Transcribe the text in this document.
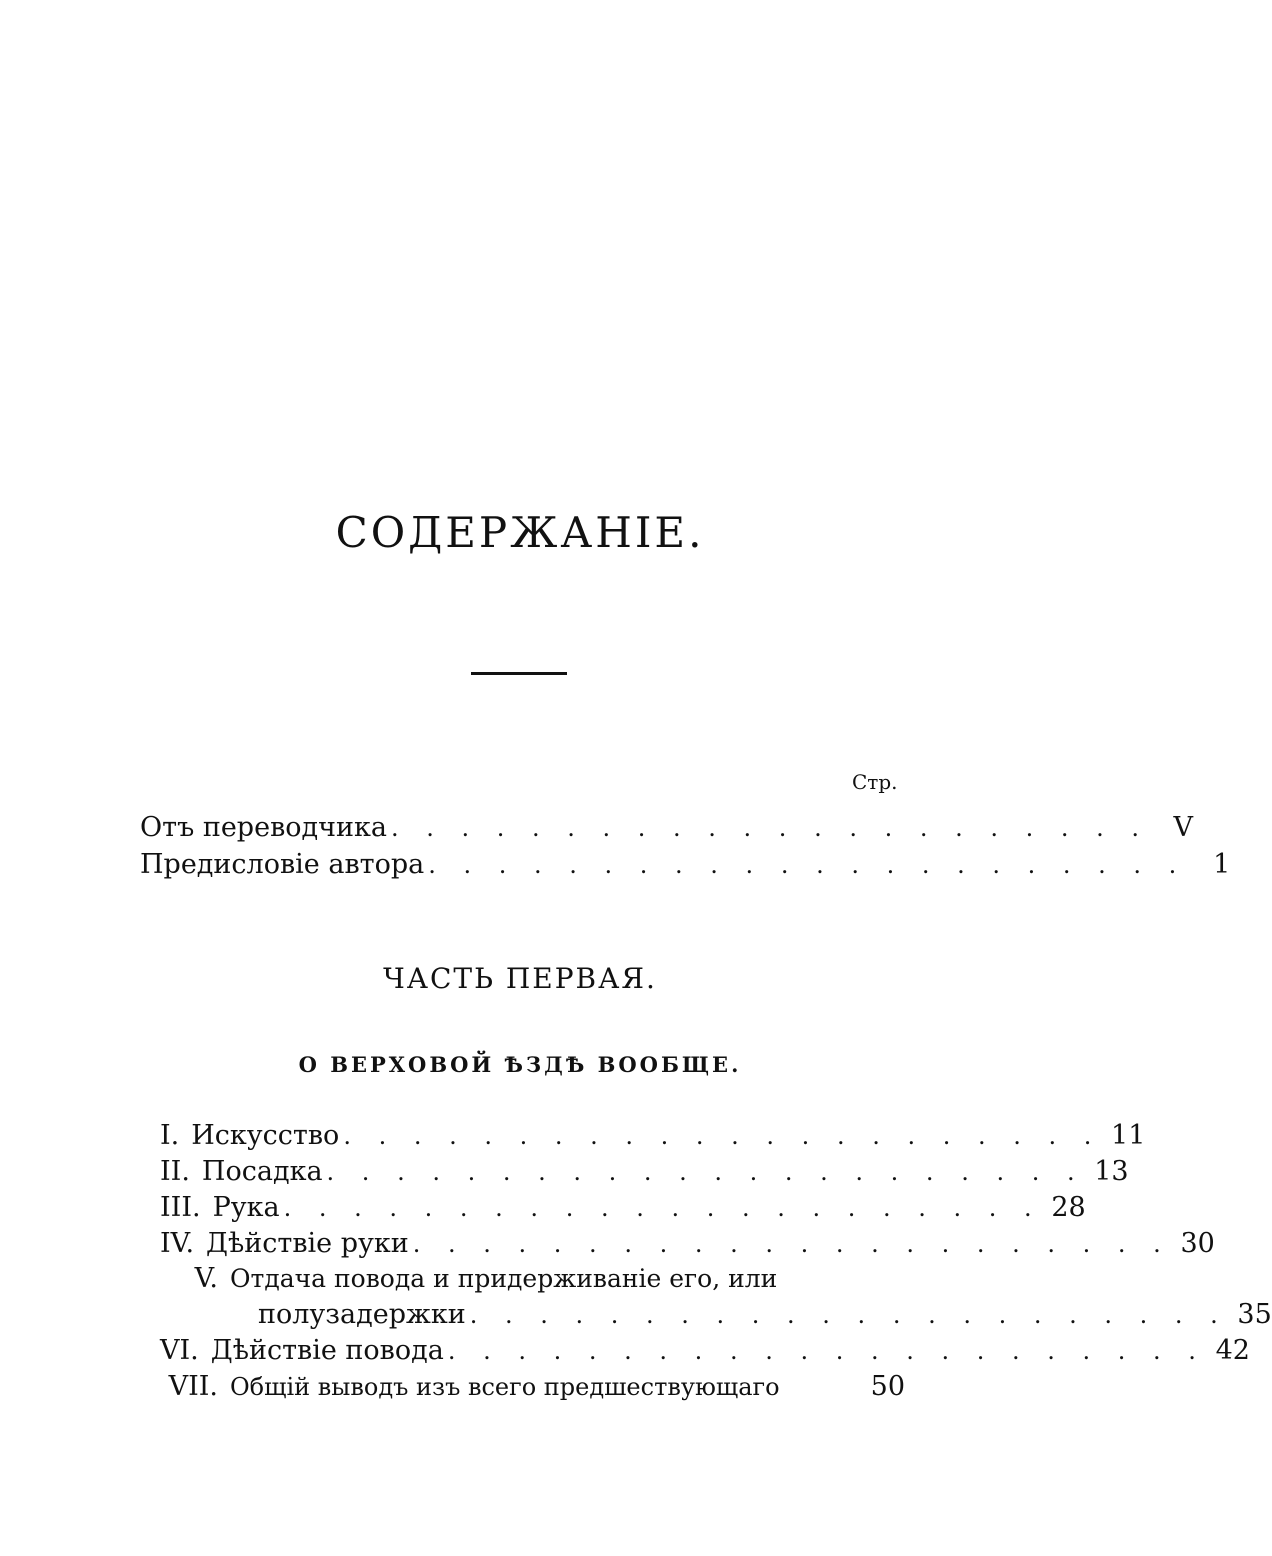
СОДЕРЖАНІЕ.
Стр.
Отъ переводчика . . . . . . . . . . . . . . . . . . . . . . V
Предисловіе автора . . . . . . . . . . . . . . . . . . . . . . 1
ЧАСТЬ ПЕРВАЯ.
О ВЕРХОВОЙ ѢЗДѢ ВООБЩЕ.
I. Искусство . . . . . . . . . . . . . . . . . . . . . . 11
II. Посадка . . . . . . . . . . . . . . . . . . . . . . 13
III. Рука . . . . . . . . . . . . . . . . . . . . . . 28
IV. Дѣйствіе руки . . . . . . . . . . . . . . . . . . . . . . 30
V. Отдача повода и придерживаніе его, или
полузадержки . . . . . . . . . . . . . . . . . . . . . . 35
VI. Дѣйствіе повода . . . . . . . . . . . . . . . . . . . . . . 42
VII. Общій выводъ изъ всего предшествующаго	50
